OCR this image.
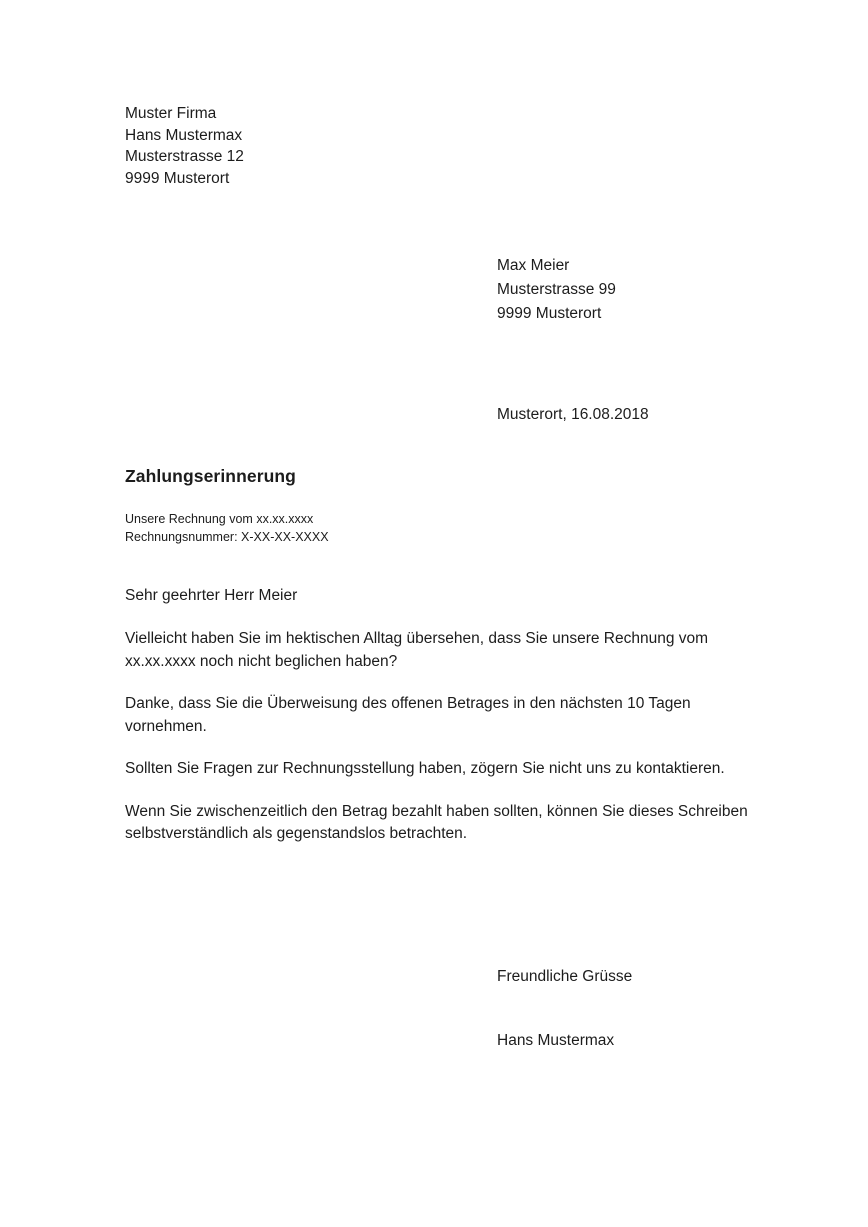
Muster Firma
Hans Mustermax
Musterstrasse 12
9999 Musterort
Max Meier
Musterstrasse 99
9999 Musterort
Musterort, 16.08.2018
Zahlungserinnerung
Unsere Rechnung vom xx.xx.xxxx
Rechnungsnummer: X-XX-XX-XXXX
Sehr geehrter Herr Meier

Vielleicht haben Sie im hektischen Alltag übersehen, dass Sie unsere Rechnung vom xx.xx.xxxx noch nicht beglichen haben?

Danke, dass Sie die Überweisung des offenen Betrages in den nächsten 10 Tagen vornehmen.

Sollten Sie Fragen zur Rechnungsstellung haben, zögern Sie nicht uns zu kontaktieren.

Wenn Sie zwischenzeitlich den Betrag bezahlt haben sollten, können Sie dieses Schreiben selbstverständlich als gegenstandslos betrachten.

Freundliche Grüsse
Hans Mustermax
